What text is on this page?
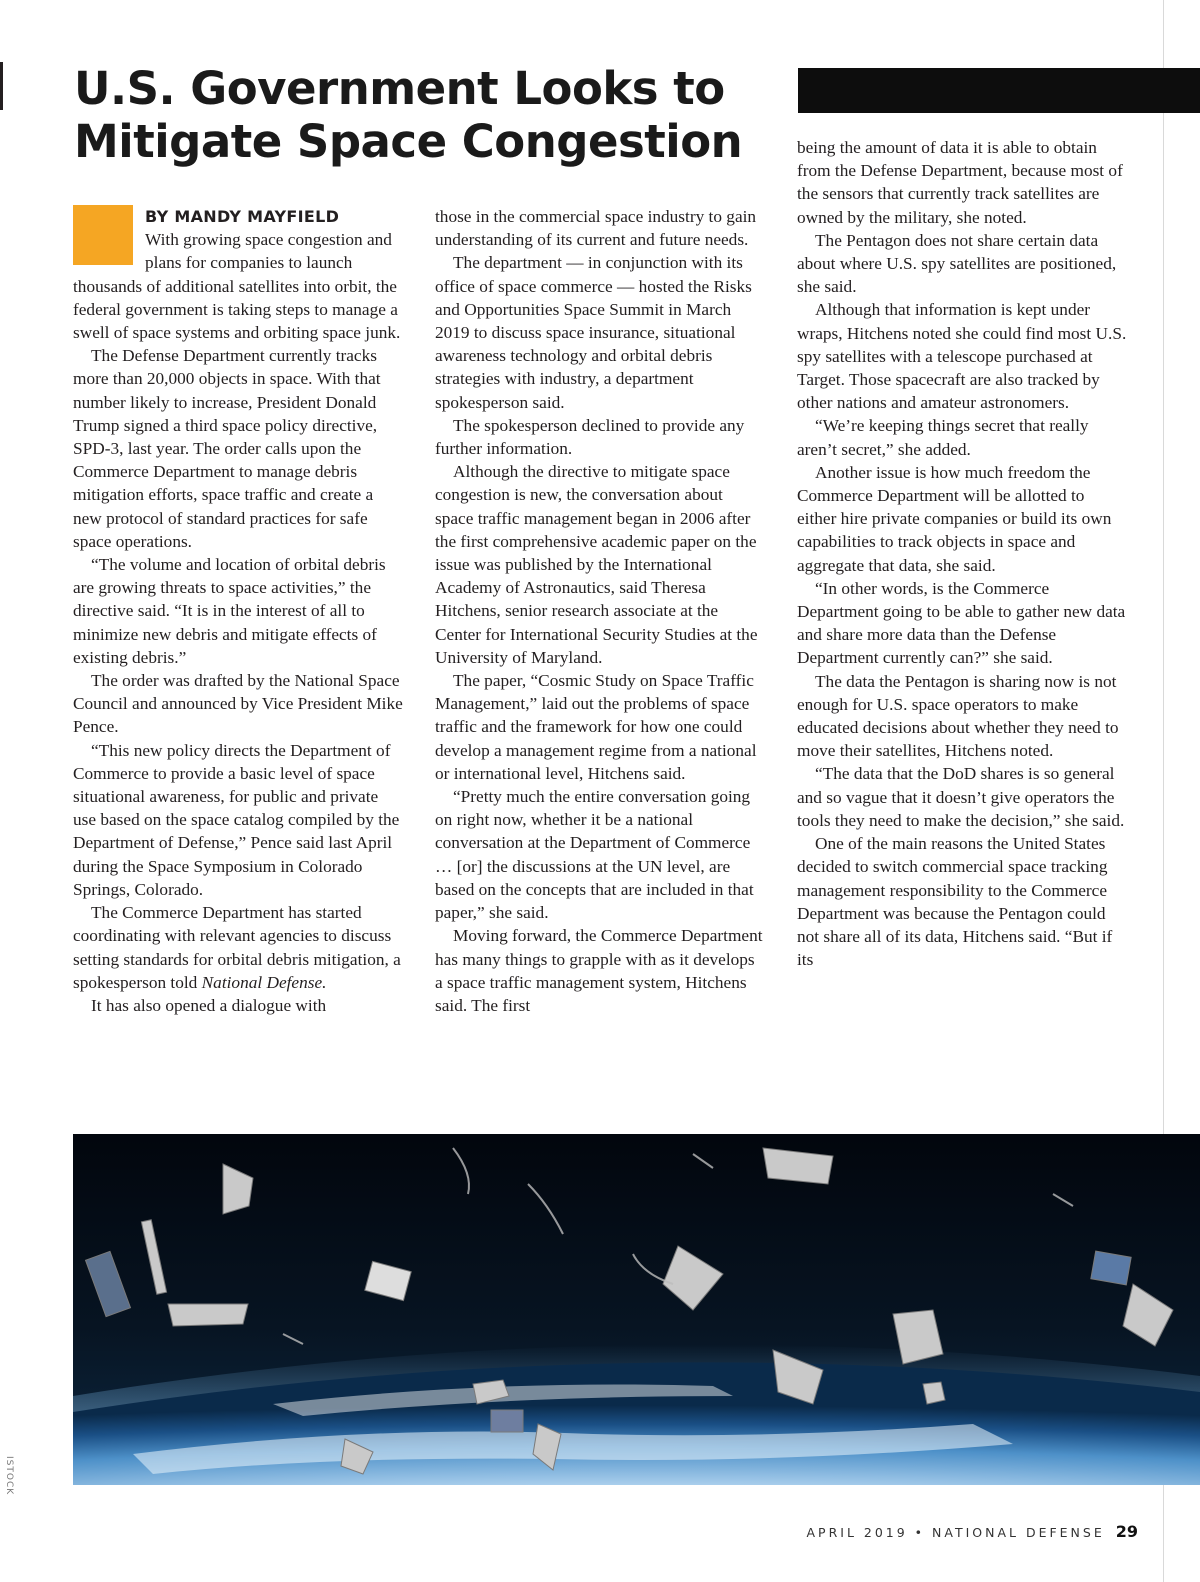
U.S. Government Looks to
Mitigate Space Congestion
BY MANDY MAYFIELD

With growing space congestion and plans for companies to launch thousands of additional satellites into orbit, the federal government is taking steps to manage a swell of space systems and orbiting space junk.

The Defense Department currently tracks more than 20,000 objects in space. With that number likely to increase, President Donald Trump signed a third space policy directive, SPD-3, last year. The order calls upon the Commerce Department to manage debris mitigation efforts, space traffic and create a new protocol of standard practices for safe space operations.

“The volume and location of orbital debris are growing threats to space activities,” the directive said. “It is in the interest of all to minimize new debris and mitigate effects of existing debris.”

The order was drafted by the National Space Council and announced by Vice President Mike Pence.

“This new policy directs the Department of Commerce to provide a basic level of space situational awareness, for public and private use based on the space catalog compiled by the Department of Defense,” Pence said last April during the Space Symposium in Colorado Springs, Colorado.

The Commerce Department has started coordinating with relevant agencies to discuss setting standards for orbital debris mitigation, a spokesperson told National Defense.

It has also opened a dialogue with

those in the commercial space industry to gain understanding of its current and future needs.

The department — in conjunction with its office of space commerce — hosted the Risks and Opportunities Space Summit in March 2019 to discuss space insurance, situational awareness technology and orbital debris strategies with industry, a department spokesperson said.

The spokesperson declined to provide any further information.

Although the directive to mitigate space congestion is new, the conversation about space traffic management began in 2006 after the first comprehensive academic paper on the issue was published by the International Academy of Astronautics, said Theresa Hitchens, senior research associate at the Center for International Security Studies at the University of Maryland.

The paper, “Cosmic Study on Space Traffic Management,” laid out the problems of space traffic and the framework for how one could develop a management regime from a national or international level, Hitchens said.

“Pretty much the entire conversation going on right now, whether it be a national conversation at the Department of Commerce … [or] the discussions at the UN level, are based on the concepts that are included in that paper,” she said.

Moving forward, the Commerce Department has many things to grapple with as it develops a space traffic management system, Hitchens said. The first

being the amount of data it is able to obtain from the Defense Department, because most of the sensors that currently track satellites are owned by the military, she noted.

The Pentagon does not share certain data about where U.S. spy satellites are positioned, she said.

Although that information is kept under wraps, Hitchens noted she could find most U.S. spy satellites with a telescope purchased at Target. Those spacecraft are also tracked by other nations and amateur astronomers.

“We’re keeping things secret that really aren’t secret,” she added.

Another issue is how much freedom the Commerce Department will be allotted to either hire private companies or build its own capabilities to track objects in space and aggregate that data, she said.

“In other words, is the Commerce Department going to be able to gather new data and share more data than the Defense Department currently can?” she said.

The data the Pentagon is sharing now is not enough for U.S. space operators to make educated decisions about whether they need to move their satellites, Hitchens noted.

“The data that the DoD shares is so general and so vague that it doesn’t give operators the tools they need to make the decision,” she said.

One of the main reasons the United States decided to switch commercial space tracking management responsibility to the Commerce Department was because the Pentagon could not share all of its data, Hitchens said. “But if its

ISTOCK
APRIL 2019 • NATIONAL DEFENSE 29
